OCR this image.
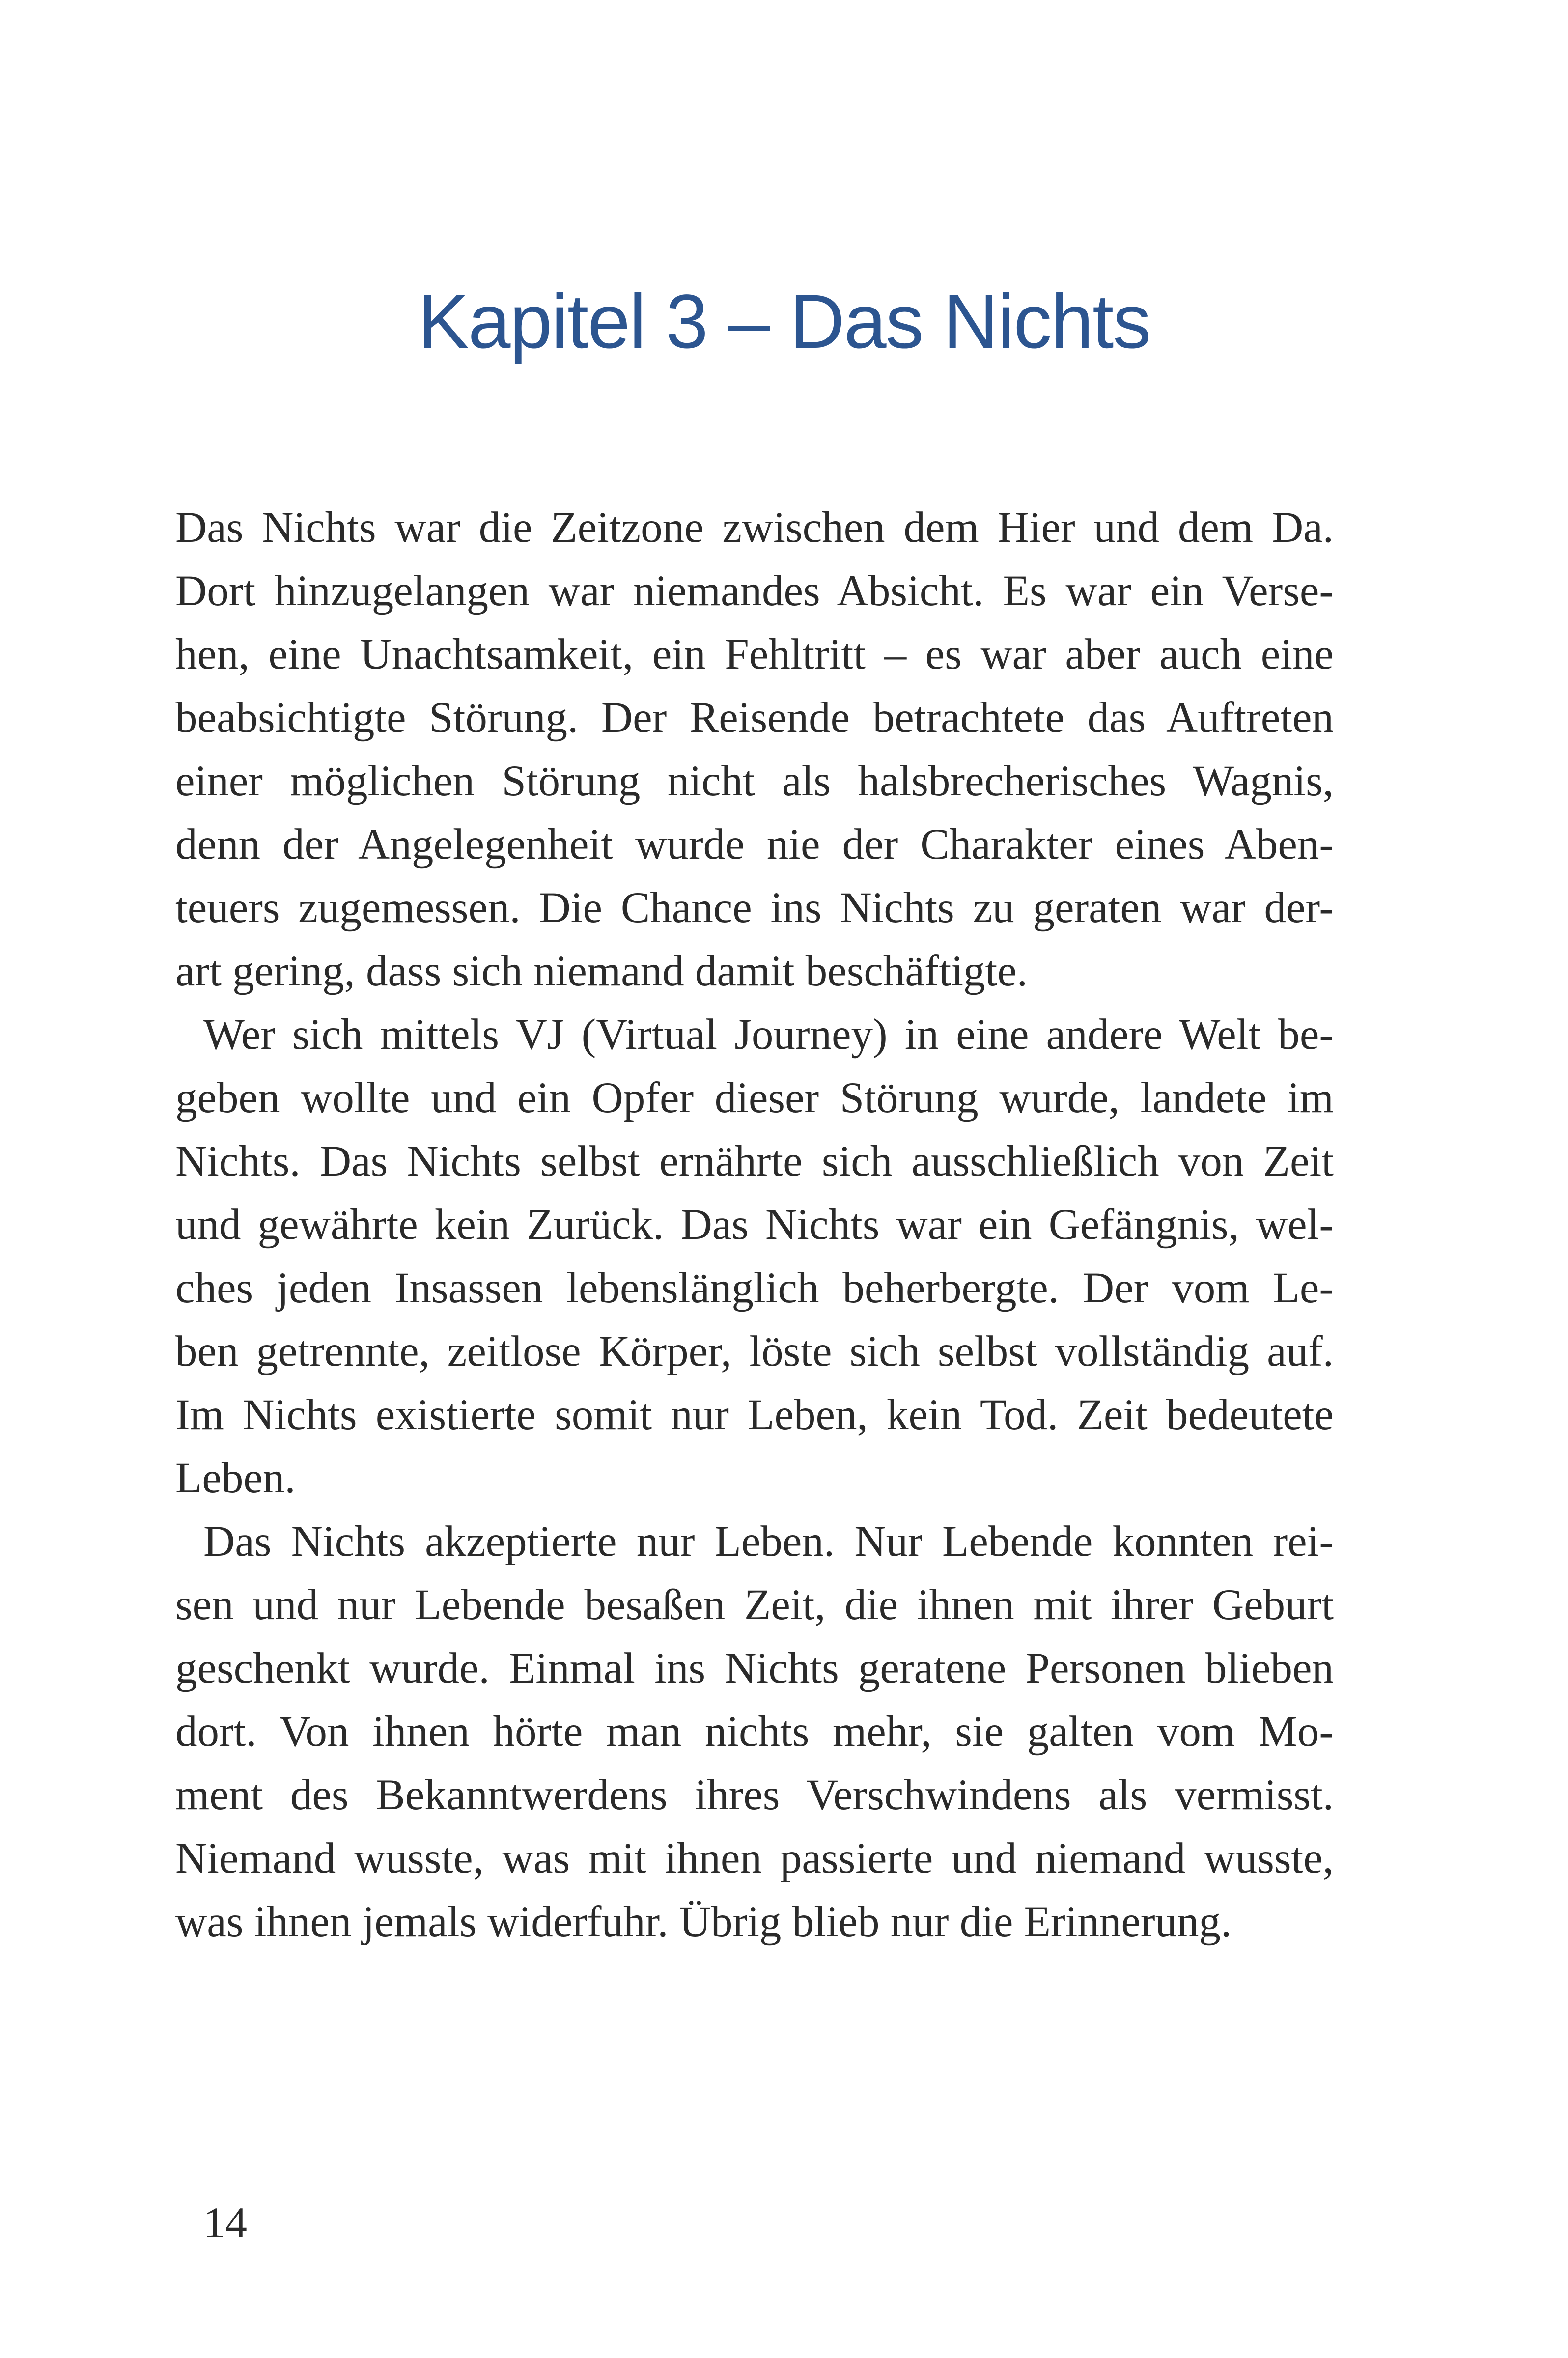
Kapitel 3 – Das Nichts

Das Nichts war die Zeitzone zwischen dem Hier und dem Da.
Dort hinzugelangen war niemandes Absicht. Es war ein Verse-
hen, eine Unachtsamkeit, ein Fehltritt – es war aber auch eine
beabsichtigte Störung. Der Reisende betrachtete das Auftreten
einer möglichen Störung nicht als halsbrecherisches Wagnis,
denn der Angelegenheit wurde nie der Charakter eines Aben-
teuers zugemessen. Die Chance ins Nichts zu geraten war der-
art gering, dass sich niemand damit beschäftigte.

Wer sich mittels VJ (Virtual Journey) in eine andere Welt be-
geben wollte und ein Opfer dieser Störung wurde, landete im
Nichts. Das Nichts selbst ernährte sich ausschließlich von Zeit
und gewährte kein Zurück. Das Nichts war ein Gefängnis, wel-
ches jeden Insassen lebenslänglich beherbergte. Der vom Le-
ben getrennte, zeitlose Körper, löste sich selbst vollständig auf.
Im Nichts existierte somit nur Leben, kein Tod. Zeit bedeutete
Leben.

Das Nichts akzeptierte nur Leben. Nur Lebende konnten rei-
sen und nur Lebende besaßen Zeit, die ihnen mit ihrer Geburt
geschenkt wurde. Einmal ins Nichts geratene Personen blieben
dort. Von ihnen hörte man nichts mehr, sie galten vom Mo-
ment des Bekanntwerdens ihres Verschwindens als vermisst.
Niemand wusste, was mit ihnen passierte und niemand wusste,
was ihnen jemals widerfuhr. Übrig blieb nur die Erinnerung.

14
